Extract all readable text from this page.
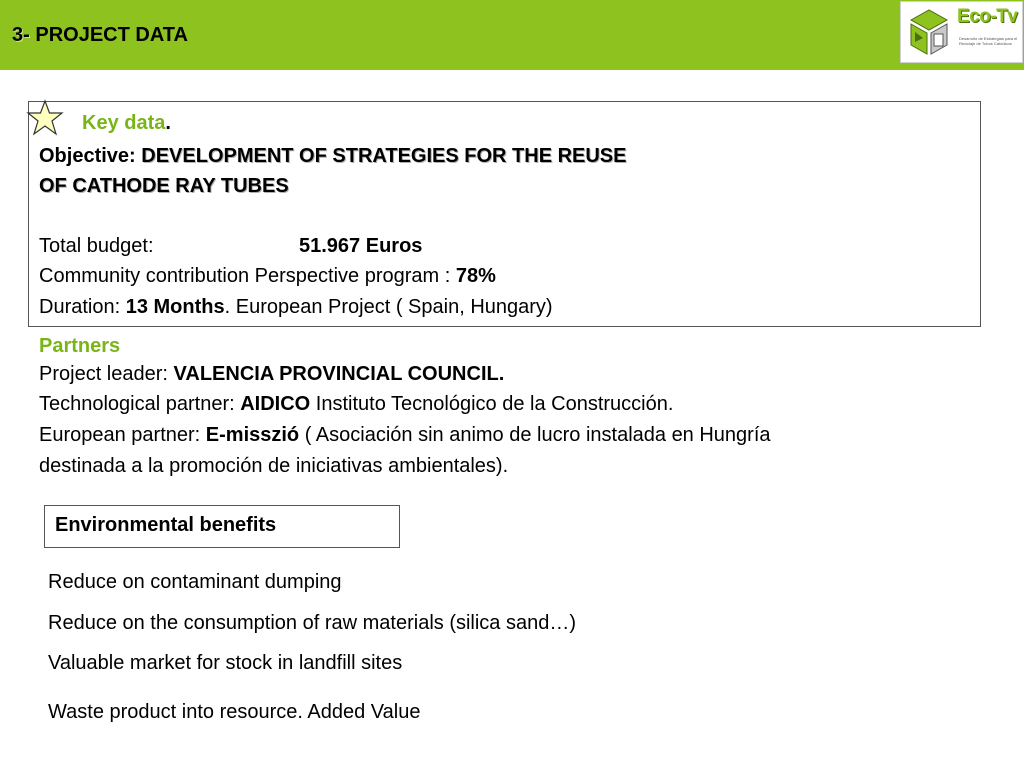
3- PROJECT DATA
Eco-Tv
Desarrollo de Estrategias para el Reciclaje de Tubos Catódicos
Key data.
Objective: DEVELOPMENT OF STRATEGIES FOR THE REUSE
OF CATHODE RAY TUBES
Total budget:	51.967 Euros
Community contribution Perspective program : 78%
Duration: 13 Months. European Project ( Spain, Hungary)
Partners
Project leader: VALENCIA PROVINCIAL COUNCIL.
Technological partner: AIDICO Instituto Tecnológico de la Construcción.
European partner: E-misszió ( Asociación sin animo de lucro instalada en Hungría
destinada a la promoción de iniciativas ambientales).
Environmental benefits
Reduce on contaminant dumping
Reduce on the consumption of raw materials (silica sand…)
Valuable market for stock in landfill sites
Waste product into resource. Added Value
